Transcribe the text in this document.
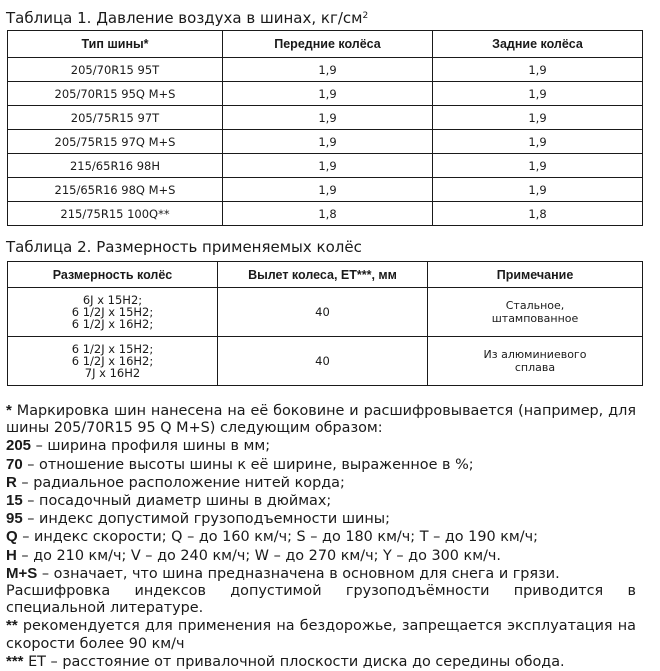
Таблица 1. Давление воздуха в шинах, $кг/см^2$
Тип шины*	Передние колёса	Задние колёса
205/70R15 95T	1,9	1,9
205/70R15 95Q M+S	1,9	1,9
205/75R15 97T	1,9	1,9
205/75R15 97Q M+S	1,9	1,9
215/65R16 98H	1,9	1,9
215/65R16 98Q M+S	1,9	1,9
215/75R15 100Q**	1,8	1,8
Таблица 2. Размерность применяемых колёс
Размерность колёс	Вылет колеса, ЕТ***, мм	Примечание

6J x 15H2;
6 1/2J x 15H2;
6 1/2J x 16H2;	40	Стальное,
штампованное

6 1/2J x 15H2;
6 1/2J x 16H2;
7J x 16H2	40	Из алюминиевого
сплава

* Маркировка шин нанесена на её боковине и расшифровывается (например, для шины 205/70R15 95 Q M+S) следующим образом:

205 – ширина профиля шины в мм;

70 – отношение высоты шины к её ширине, выраженное в %;

R – радиальное расположение нитей корда;

15 – посадочный диаметр шины в дюймах;

95 – индекс допустимой грузоподъемности шины;

Q – индекс скорости; Q – до 160 км/ч; S – до 180 км/ч; T – до 190 км/ч;

H – до 210 км/ч; V – до 240 км/ч; W – до 270 км/ч; Y – до 300 км/ч.

M+S – означает, что шина предназначена в основном для снега и грязи.

Расшифровка индексов допустимой грузоподъёмности приводится в специальной литературе.

** рекомендуется для применения на бездорожье, запрещается эксплуатация на скорости более 90 км/ч

*** ЕТ – расстояние от привалочной плоскости диска до середины обода.
